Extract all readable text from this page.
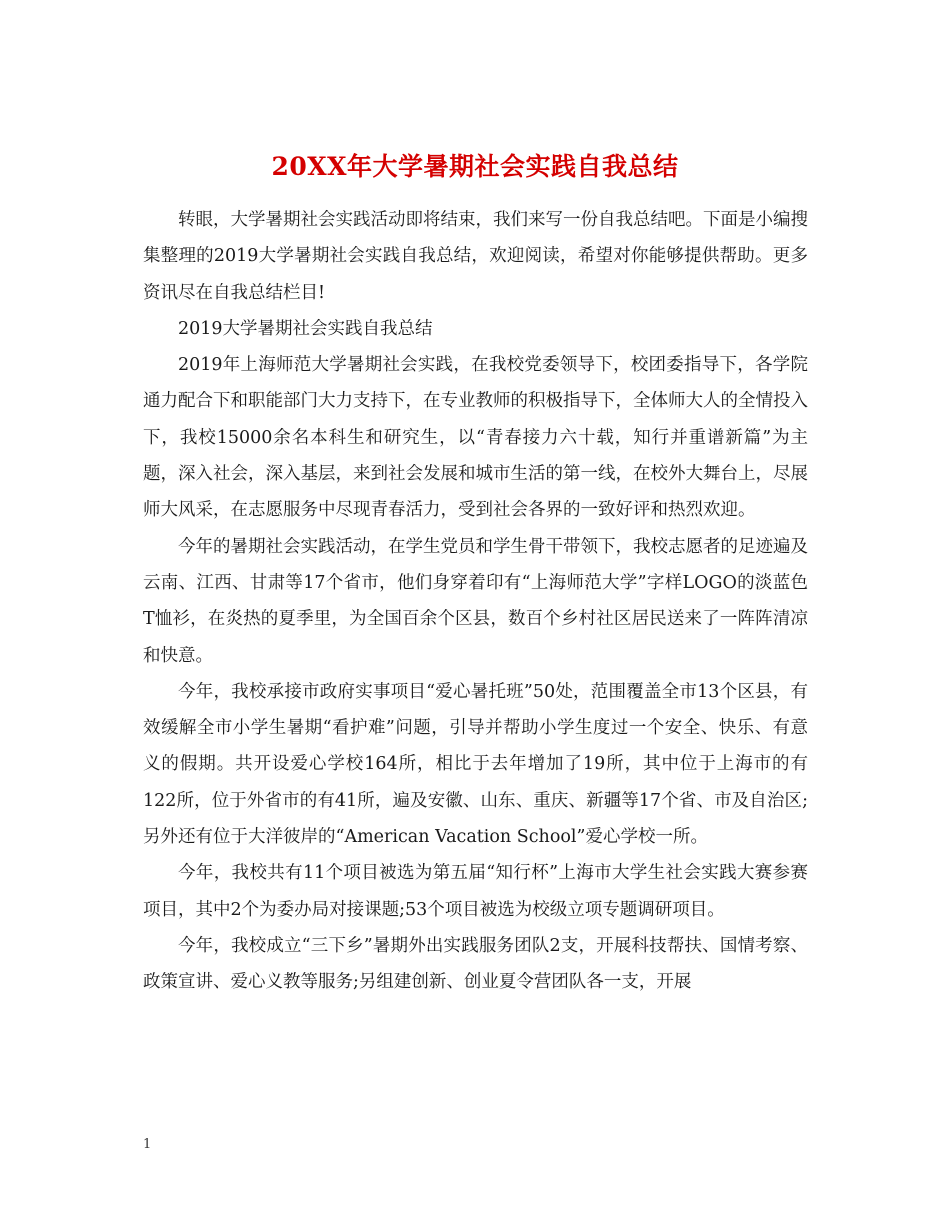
20XX年大学暑期社会实践自我总结

转眼，大学暑期社会实践活动即将结束，我们来写一份自我总结吧。下面是小编搜集整理的2019大学暑期社会实践自我总结，欢迎阅读，希望对你能够提供帮助。更多资讯尽在自我总结栏目!

2019大学暑期社会实践自我总结

2019年上海师范大学暑期社会实践，在我校党委领导下，校团委指导下，各学院通力配合下和职能部门大力支持下，在专业教师的积极指导下，全体师大人的全情投入下，我校15000余名本科生和研究生，以“青春接力六十载，知行并重谱新篇”为主题，深入社会，深入基层，来到社会发展和城市生活的第一线，在校外大舞台上，尽展师大风采，在志愿服务中尽现青春活力，受到社会各界的一致好评和热烈欢迎。

今年的暑期社会实践活动，在学生党员和学生骨干带领下，我校志愿者的足迹遍及云南、江西、甘肃等17个省市，他们身穿着印有“上海师范大学”字样LOGO的淡蓝色T恤衫，在炎热的夏季里，为全国百余个区县，数百个乡村社区居民送来了一阵阵清凉和快意。

今年，我校承接市政府实事项目“爱心暑托班”50处，范围覆盖全市13个区县，有效缓解全市小学生暑期“看护难”问题，引导并帮助小学生度过一个安全、快乐、有意义的假期。共开设爱心学校164所，相比于去年增加了19所，其中位于上海市的有122所，位于外省市的有41所，遍及安徽、山东、重庆、新疆等17个省、市及自治区;另外还有位于大洋彼岸的“American Vacation School”爱心学校一所。

今年，我校共有11个项目被选为第五届“知行杯”上海市大学生社会实践大赛参赛项目，其中2个为委办局对接课题;53个项目被选为校级立项专题调研项目。

今年，我校成立“三下乡”暑期外出实践服务团队2支，开展科技帮扶、国情考察、政策宣讲、爱心义教等服务;另组建创新、创业夏令营团队各一支，开展

1
